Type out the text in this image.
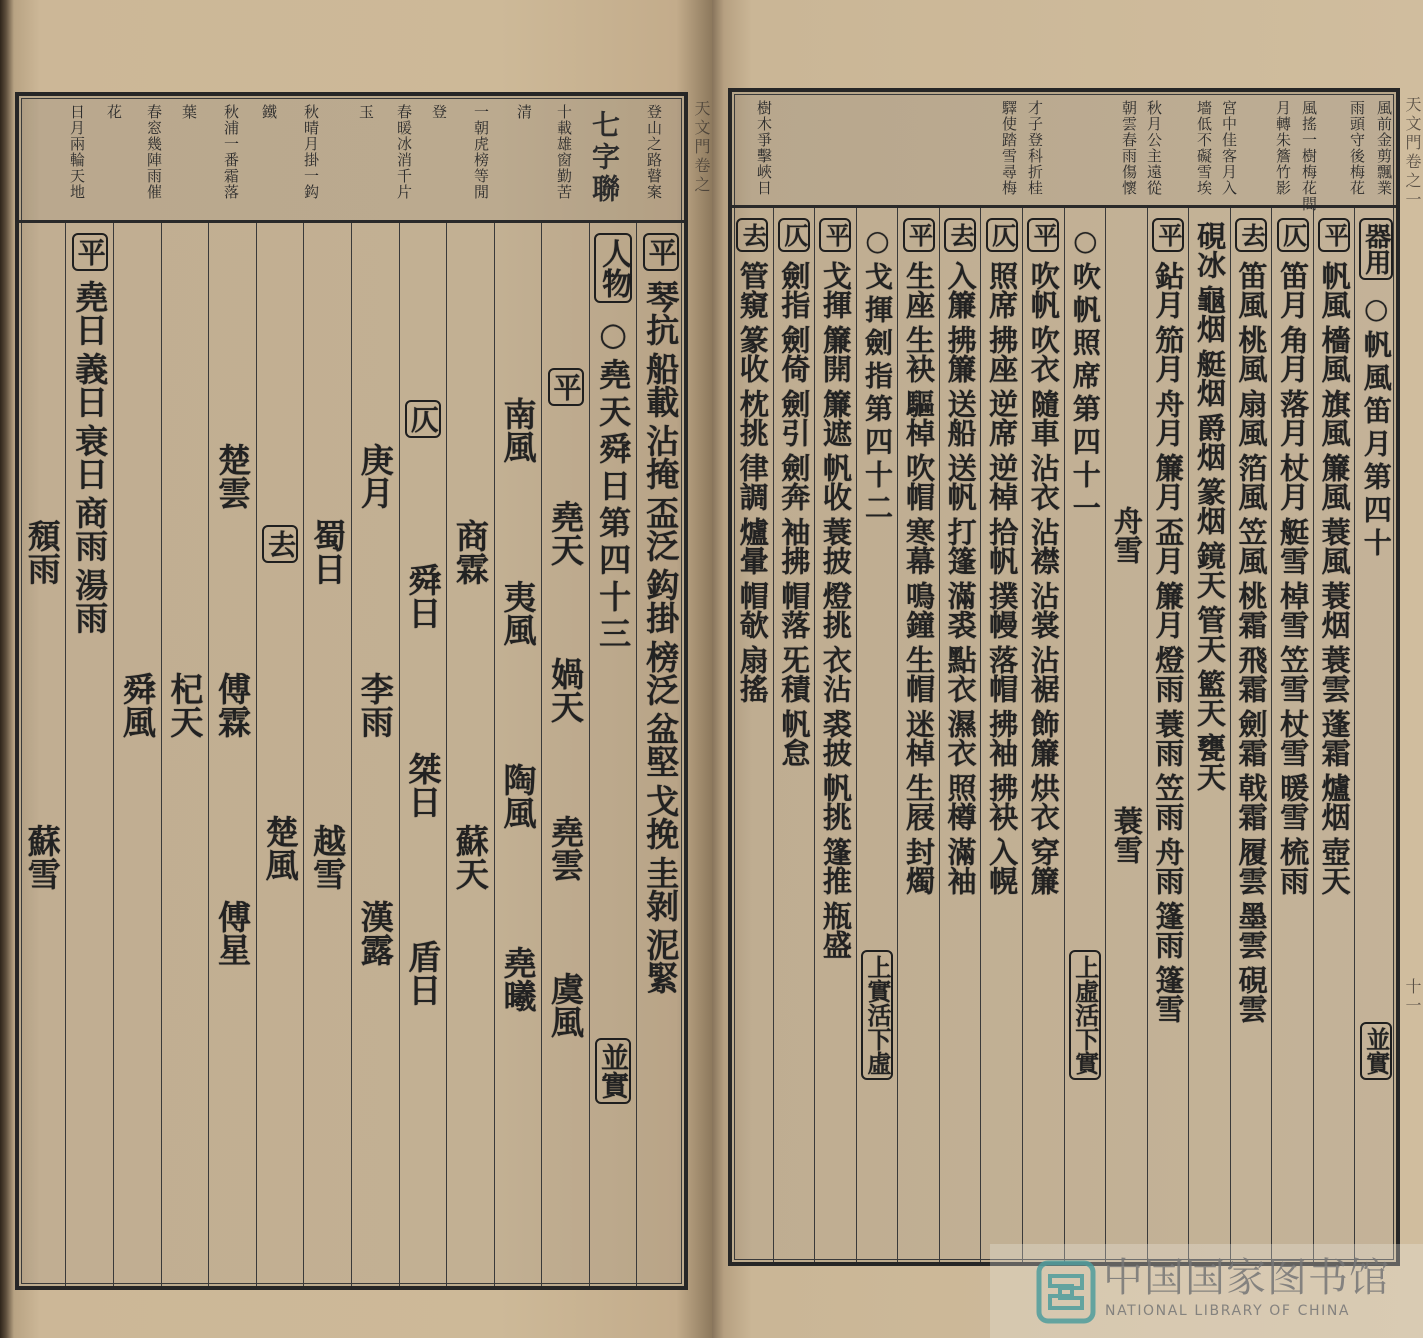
登山之路瞽案
七字聯
十載雄窗勤苦
清
一朝虎榜等閒
登
春暖冰消千片
玉
秋晴月掛一鈎
鐵
秋浦一番霜落
葉
春窓幾陣雨催
花
日月兩輪天地
平
琴抗
船載
沾掩
盃泛
鈎掛
榜泛
盆堅
戈挽
圭剝
泥緊
人物
○堯天舜日第四十三
並實
平
堯天
媧天
堯雲
虞風
南風
夷風
陶風
堯曦
商霖
蘇天
仄
舜日
桀日
盾日
庚月
李雨
漢露
蜀日
越雪
去
楚風
楚雲
傅霖
傅星
杞天
舜風
平
堯日
義日
衰日
商雨
湯雨
頹雨
蘇雪
風前金剪飄業
雨頭守後梅花
風搖一樹梅花間
月轉朱簷竹影
宮中佳客月入
墻低不礙雪埃
秋月公主遠從
朝雲春雨傷懷
才子登科折桂
驛使踏雪尋梅
樹木爭擊峽日
器用
○帆風笛月第四十
並實
平
帆風
檣風
旗風
簾風
蓑風
蓑烟
蓑雲
蓬霜
爐烟
壺天
仄
笛月
角月
落月
杖月
艇雪
棹雪
笠雪
杖雪
暖雪
梳雨
去
笛風
桃風
扇風
箔風
笠風
桃霜
飛霜
劍霜
戟霜
履雲
墨雲
硯雲
硯冰
龜烟
艇烟
爵烟
篆烟
鏡天
管天
籃天
甕天
平
鉆月
笳月
舟月
簾月
盃月
簾月
燈雨
蓑雨
笠雨
舟雨
篷雨
篷雪
舟雪
蓑雪
○吹帆照席第四十一
上虛活下實
平
吹帆
吹衣
隨車
沾衣
沾襟
沾裳
沾裾
飾簾
烘衣
穿簾
仄
照席
拂座
逆席
逆棹
拾帆
撲幔
落帽
拂袖
拂袂
入幌
去
入簾
拂簾
送船
送帆
打篷
滿裘
點衣
濕衣
照樽
滿袖
平
生座
生袂
驅棹
吹帽
寒幕
鳴鐘
生帽
迷棹
生屐
封燭
○戈揮劍指第四十二
上實活下虛
平
戈揮
簾開
簾遮
帆收
蓑披
燈挑
衣沾
裘披
帆挑
篷推
瓶盛
仄
劍指
劍倚
劍引
劍奔
袖拂
帽落
旡積
帆怠
去
管窺
篆收
枕挑
律調
爐暈
帽欹
扇搖
天文門卷之	天文門卷之一
十一
中国国家图书馆
NATIONAL LIBRARY OF CHINA
